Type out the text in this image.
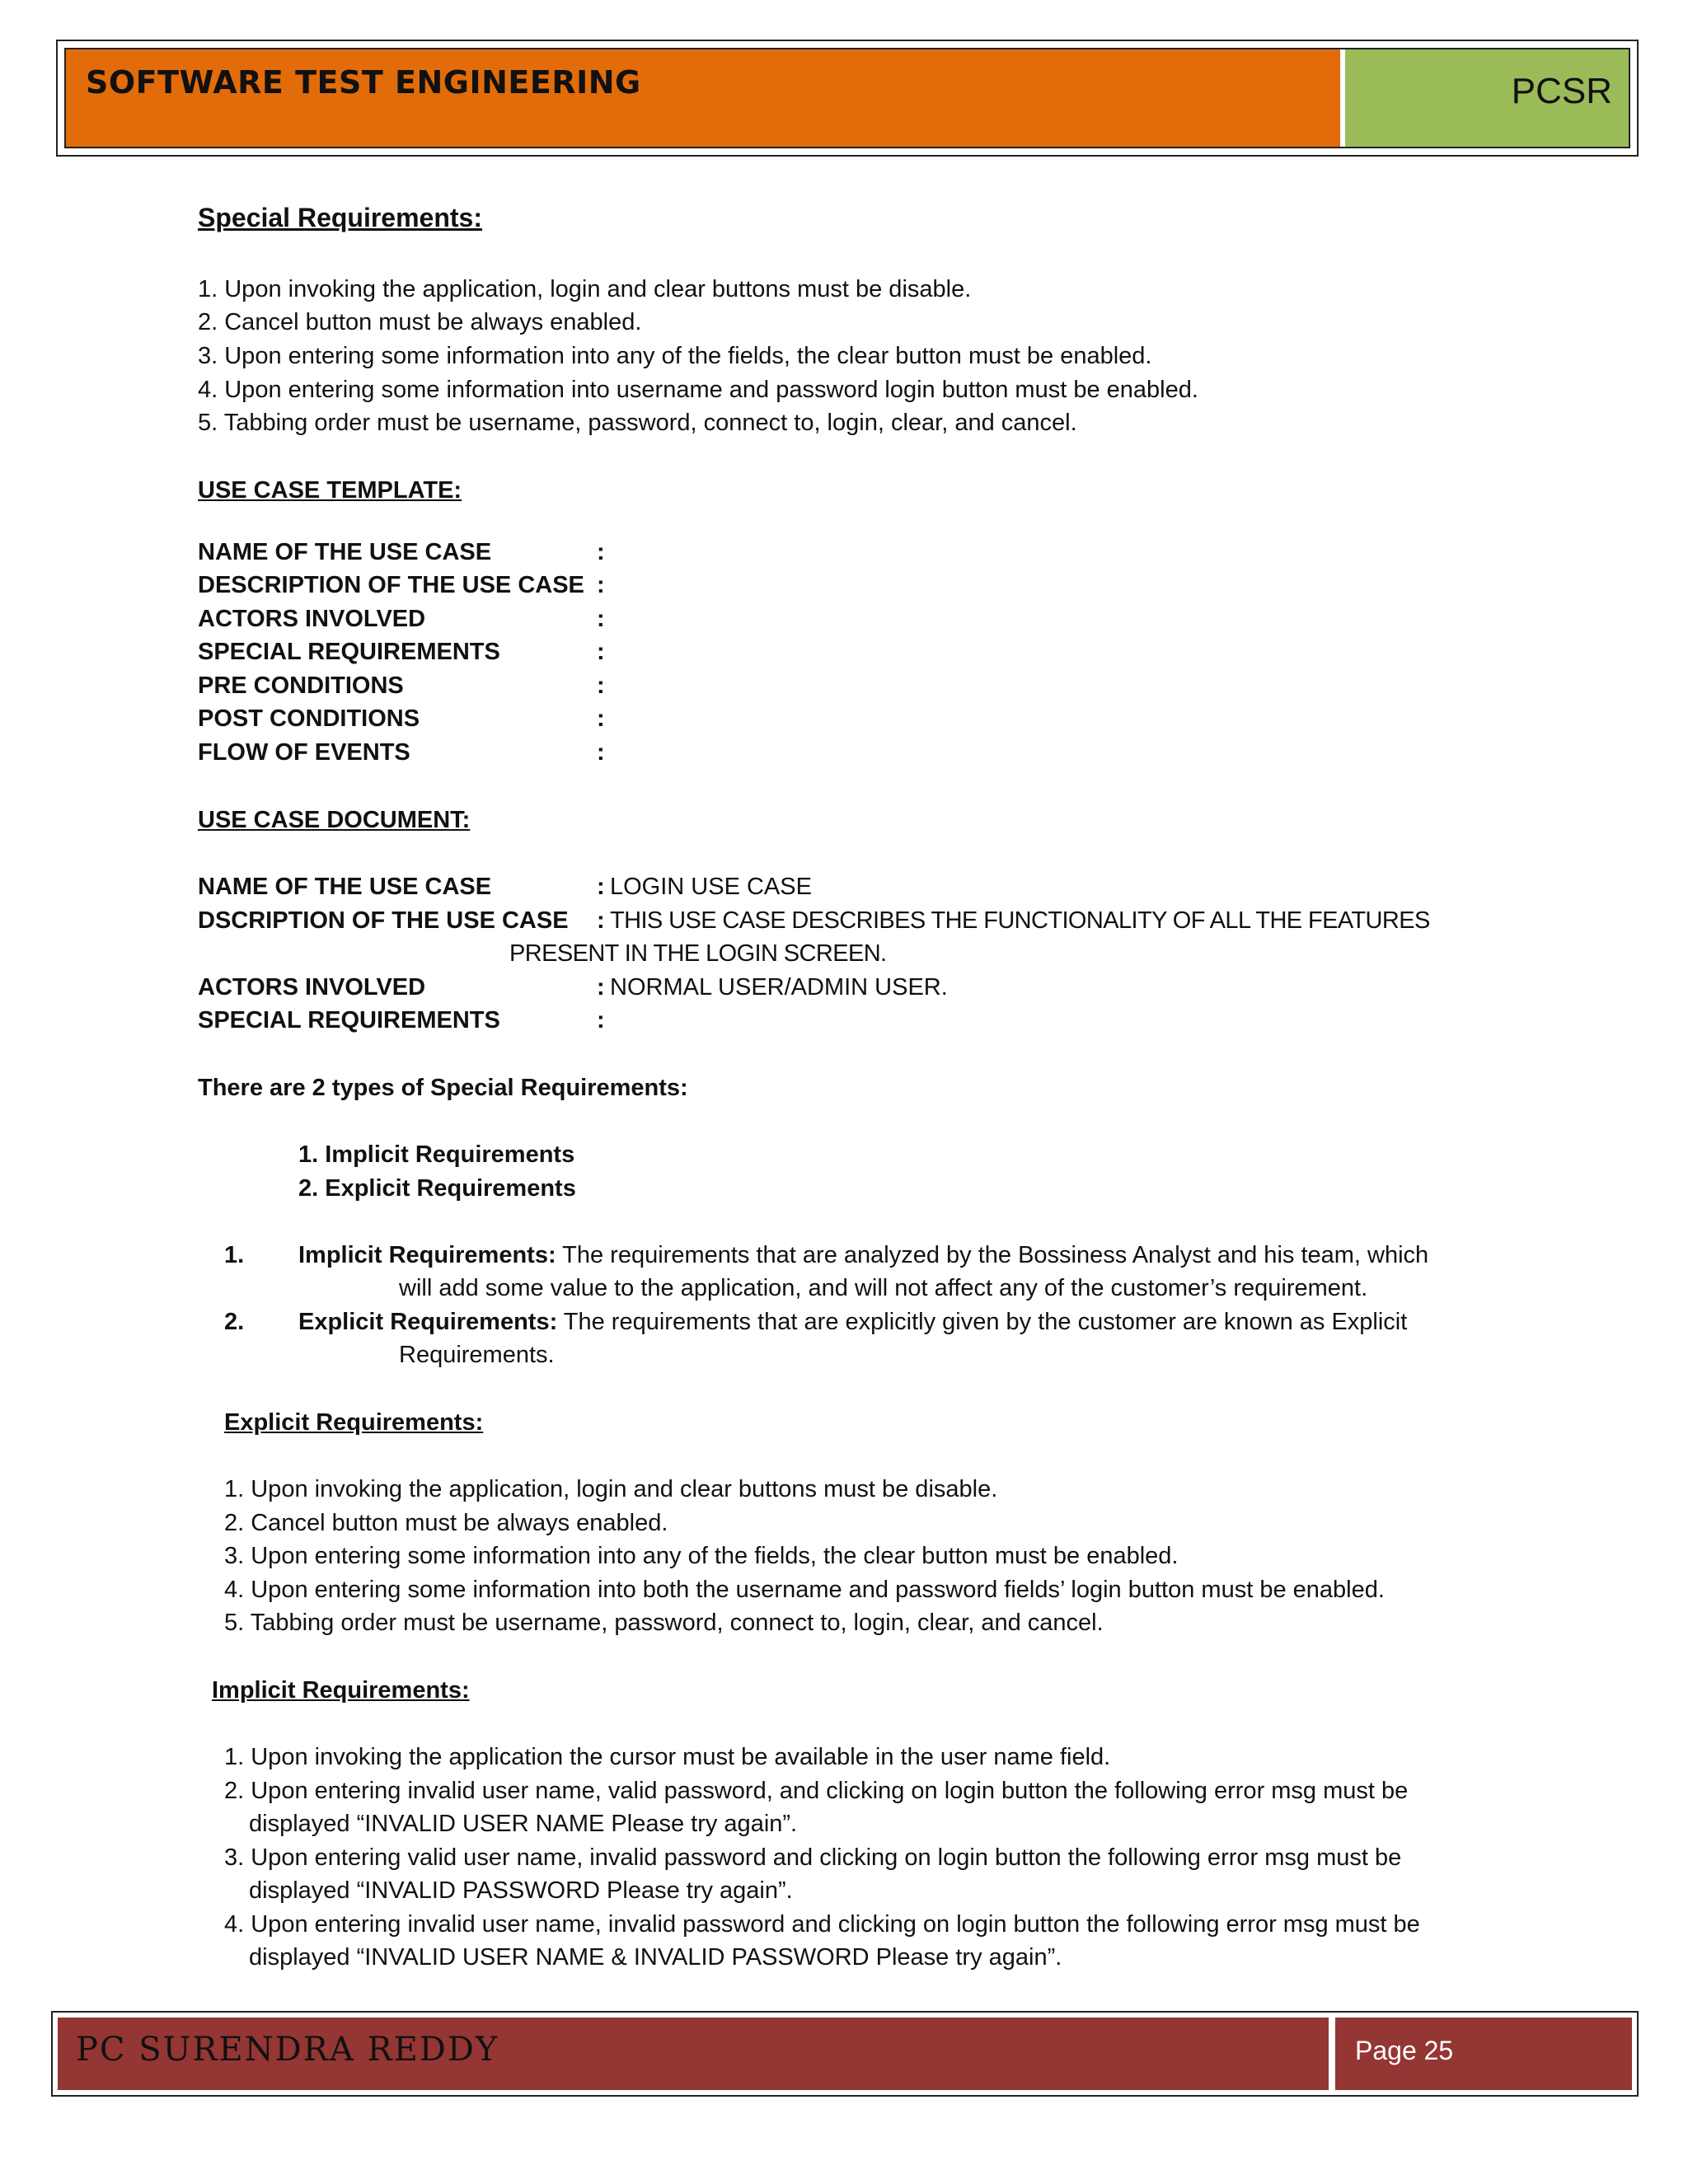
SOFTWARE TEST ENGINEERING	PCSR
Special Requirements:
1. Upon invoking the application, login and clear buttons must be disable.
2. Cancel button must be always enabled.
3. Upon entering some information into any of the fields, the clear button must be enabled.
4. Upon entering some information into username and password login button must be enabled.
5. Tabbing order must be username, password, connect to, login, clear, and cancel.
USE CASE TEMPLATE:
NAME OF THE USE CASE	:
DESCRIPTION OF THE USE CASE :
ACTORS INVOLVED	:
SPECIAL REQUIREMENTS	:
PRE CONDITIONS	:
POST CONDITIONS	:
FLOW OF EVENTS	:
USE CASE DOCUMENT:
NAME OF THE USE CASE	: LOGIN USE CASE
DSCRIPTION OF THE USE CASE : THIS USE CASE DESCRIBES THE FUNCTIONALITY OF ALL THE FEATURES
PRESENT IN THE LOGIN SCREEN.
ACTORS INVOLVED	: NORMAL USER/ADMIN USER.
SPECIAL REQUIREMENTS	:
There are 2 types of Special Requirements:
1. Implicit Requirements
2. Explicit Requirements
1. Implicit Requirements: The requirements that are analyzed by the Bossiness Analyst and his team, which
will add some value to the application, and will not affect any of the customer’s requirement.
2. Explicit Requirements: The requirements that are explicitly given by the customer are known as Explicit
Requirements.
Explicit Requirements:
1. Upon invoking the application, login and clear buttons must be disable.
2. Cancel button must be always enabled.
3. Upon entering some information into any of the fields, the clear button must be enabled.
4. Upon entering some information into both the username and password fields’ login button must be enabled.
5. Tabbing order must be username, password, connect to, login, clear, and cancel.
Implicit Requirements:
1. Upon invoking the application the cursor must be available in the user name field.
2. Upon entering invalid user name, valid password, and clicking on login button the following error msg must be
displayed “INVALID USER NAME Please try again”.
3. Upon entering valid user name, invalid password and clicking on login button the following error msg must be
displayed “INVALID PASSWORD Please try again”.
4. Upon entering invalid user name, invalid password and clicking on login button the following error msg must be
displayed “INVALID USER NAME & INVALID PASSWORD Please try again”.
PC SURENDRA REDDY	Page 25
